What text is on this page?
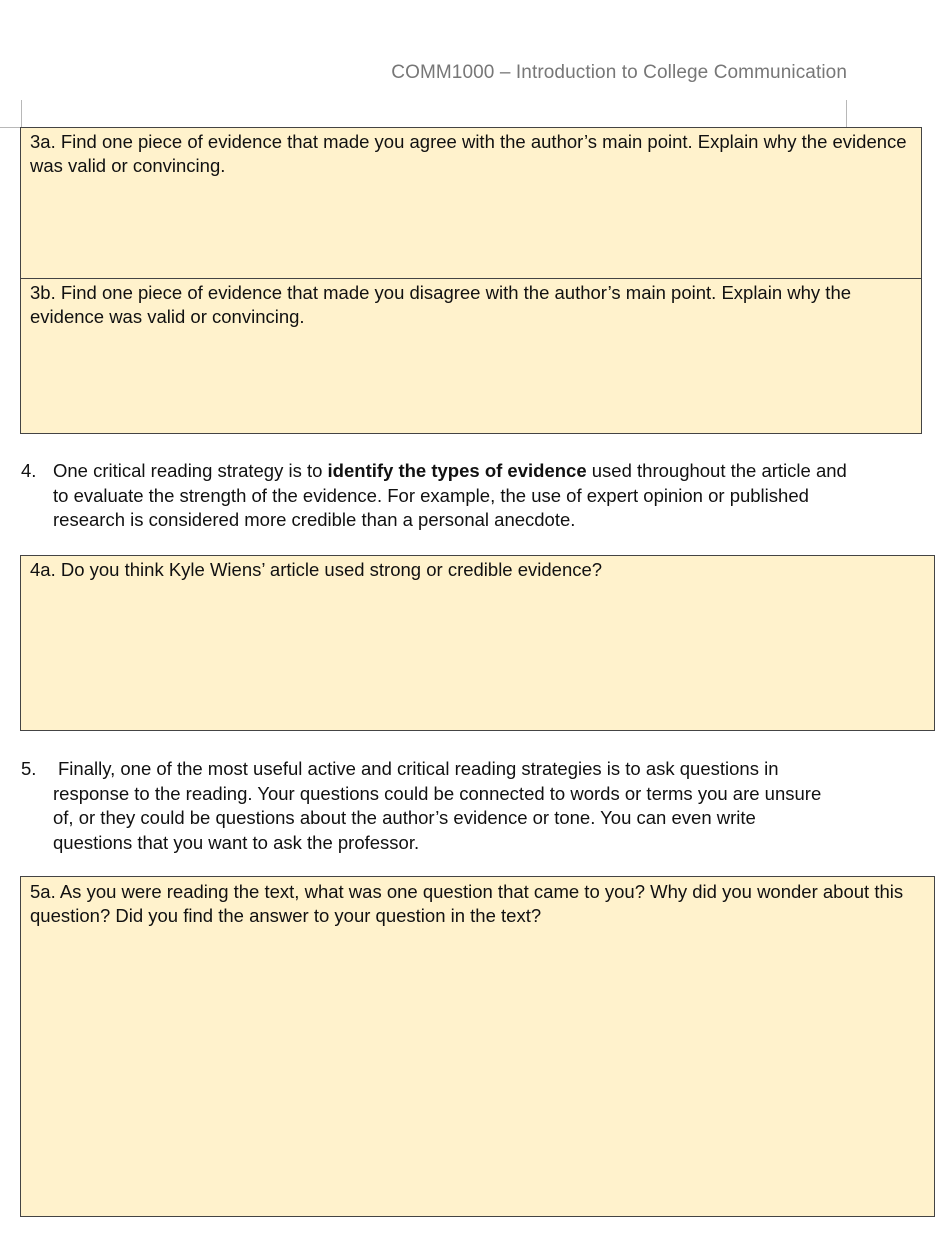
COMM1000 – Introduction to College Communication
3a. Find one piece of evidence that made you agree with the author’s main point. Explain why the evidence was valid or convincing.
3b. Find one piece of evidence that made you disagree with the author’s main point. Explain why the evidence was valid or convincing.
4. One critical reading strategy is to identify the types of evidence used throughout the article and to evaluate the strength of the evidence. For example, the use of expert opinion or published research is considered more credible than a personal anecdote.
4a. Do you think Kyle Wiens’ article used strong or credible evidence?
5.	Finally, one of the most useful active and critical reading strategies is to ask questions in response to the reading. Your questions could be connected to words or terms you are unsure of, or they could be questions about the author’s evidence or tone. You can even write questions that you want to ask the professor.
5a. As you were reading the text, what was one question that came to you? Why did you wonder about this question? Did you find the answer to your question in the text?
